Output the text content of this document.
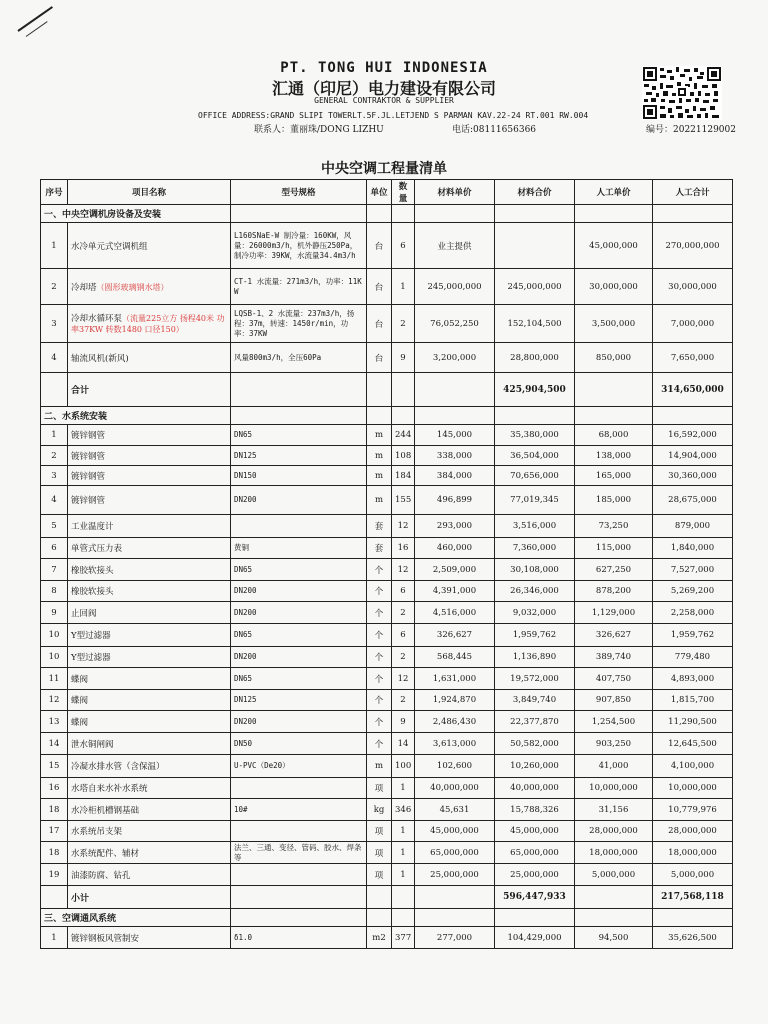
PT. TONG HUI INDONESIA
汇通（印尼）电力建设有限公司
GENERAL CONTRAKTOR & SUPPLIER
OFFICE ADDRESS:GRAND SLIPI TOWERLT.5F.JL.LETJEND S PARMAN KAV.22-24 RT.001 RW.004
联系人：董丽珠/DONG LIZHU	电话:08111656366	编号：20221129002
中央空调工程量清单
序号	项目名称	型号规格	单位	数量	材料单价	材料合价	人工单价	人工合计
一、中央空调机房设备及安装								
1	水冷单元式空调机组	L160SNaE-W 制冷量：160KW，风量：26000m3/h，机外静压250Pa，制冷功率：39KW，水流量34.4m3/h	台	6	业主提供		45,000,000	270,000,000
2	冷却塔（圆形玻璃钢水塔）	CT-1 水流量：271m3/h，功率：11KW	台	1	245,000,000	245,000,000	30,000,000	30,000,000
3	冷却水循环泵（流量225立方 扬程40米 功率37KW 转数1480 口径150）	LQSB-1、2 水流量：237m3/h，扬程：37m，转速：1450r/min，功率：37KW	台	2	76,052,250	152,104,500	3,500,000	7,000,000
4	轴流风机(新风)	风量800m3/h，全压60Pa	台	9	3,200,000	28,800,000	850,000	7,650,000
	合计					425,904,500		314,650,000
二、水系统安装								
1	镀锌钢管	DN65	m	244	145,000	35,380,000	68,000	16,592,000
2	镀锌钢管	DN125	m	108	338,000	36,504,000	138,000	14,904,000
3	镀锌钢管	DN150	m	184	384,000	70,656,000	165,000	30,360,000
4	镀锌钢管	DN200	m	155	496,899	77,019,345	185,000	28,675,000
5	工业温度计		套	12	293,000	3,516,000	73,250	879,000
6	单管式压力表	黄铜	套	16	460,000	7,360,000	115,000	1,840,000
7	橡胶软接头	DN65	个	12	2,509,000	30,108,000	627,250	7,527,000
8	橡胶软接头	DN200	个	6	4,391,000	26,346,000	878,200	5,269,200
9	止回阀	DN200	个	2	4,516,000	9,032,000	1,129,000	2,258,000
10	Y型过滤器	DN65	个	6	326,627	1,959,762	326,627	1,959,762
10	Y型过滤器	DN200	个	2	568,445	1,136,890	389,740	779,480
11	蝶阀	DN65	个	12	1,631,000	19,572,000	407,750	4,893,000
12	蝶阀	DN125	个	2	1,924,870	3,849,740	907,850	1,815,700
13	蝶阀	DN200	个	9	2,486,430	22,377,870	1,254,500	11,290,500
14	泄水铜闸阀	DN50	个	14	3,613,000	50,582,000	903,250	12,645,500
15	冷凝水排水管（含保温）	U-PVC（De20）	m	100	102,600	10,260,000	41,000	4,100,000
16	水塔自来水补水系统		项	1	40,000,000	40,000,000	10,000,000	10,000,000
18	水冷柜机槽钢基础	10#	kg	346	45,631	15,788,326	31,156	10,779,976
17	水系统吊支架		项	1	45,000,000	45,000,000	28,000,000	28,000,000
18	水系统配件、辅材	法兰、三通、变径、管码、胶水、焊条等	项	1	65,000,000	65,000,000	18,000,000	18,000,000
19	油漆防腐、钻孔		项	1	25,000,000	25,000,000	5,000,000	5,000,000
	小计					596,447,933		217,568,118
三、空调通风系统								
1	镀锌钢板风管制安	δ1.0	m2	377	277,000	104,429,000	94,500	35,626,500
